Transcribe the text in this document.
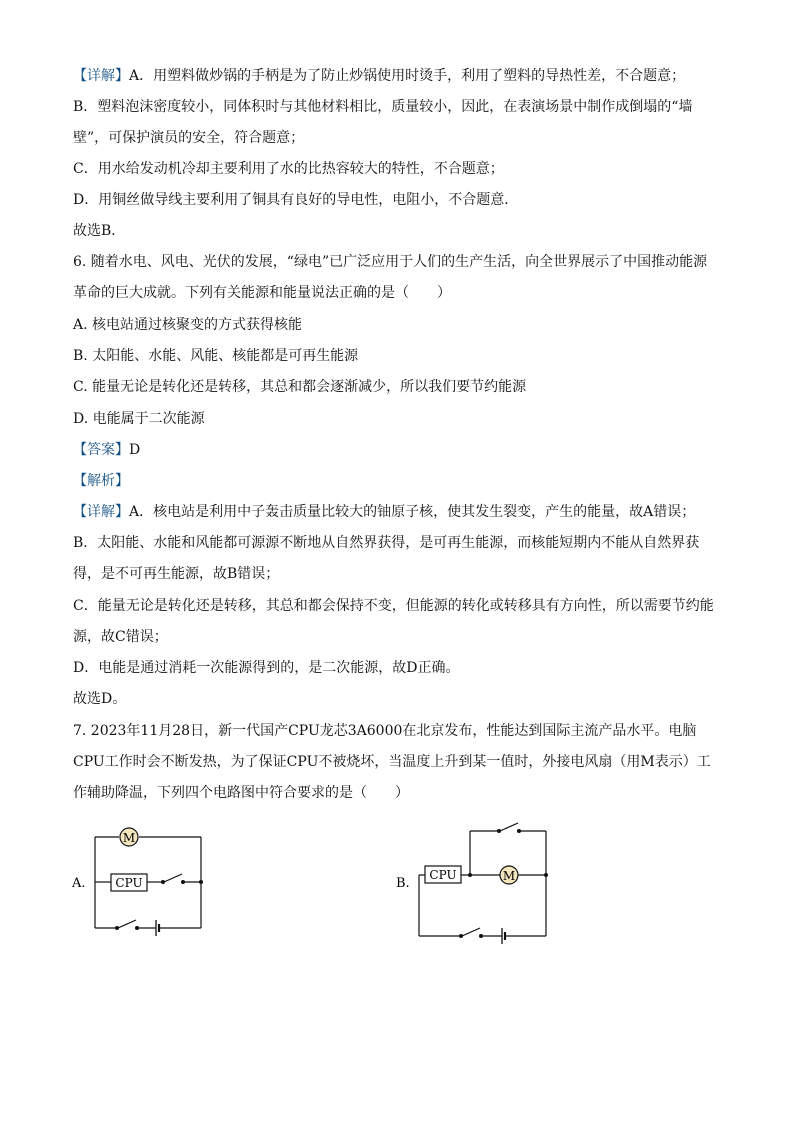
【详解】A．用塑料做炒锅的手柄是为了防止炒锅使用时烫手，利用了塑料的导热性差，不合题意；
B．塑料泡沫密度较小，同体积时与其他材料相比，质量较小，因此，在表演场景中制作成倒塌的“墙
壁”，可保护演员的安全，符合题意；
C．用水给发动机冷却主要利用了水的比热容较大的特性，不合题意；
D．用铜丝做导线主要利用了铜具有良好的导电性，电阻小，不合题意．
故选B．
6. 随着水电、风电、光伏的发展，“绿电”已广泛应用于人们的生产生活，向全世界展示了中国推动能源
革命的巨大成就。下列有关能源和能量说法正确的是（　　）
A. 核电站通过核聚变的方式获得核能
B. 太阳能、水能、风能、核能都是可再生能源
C. 能量无论是转化还是转移，其总和都会逐渐减少，所以我们要节约能源
D. 电能属于二次能源
【答案】D
【解析】
【详解】A．核电站是利用中子轰击质量比较大的铀原子核，使其发生裂变，产生的能量，故A错误；
B．太阳能、水能和风能都可源源不断地从自然界获得，是可再生能源，而核能短期内不能从自然界获
得，是不可再生能源，故B错误；
C．能量无论是转化还是转移，其总和都会保持不变，但能源的转化或转移具有方向性，所以需要节约能
源，故C错误；
D．电能是通过消耗一次能源得到的，是二次能源，故D正确。
故选D。
7. 2023年11月28日，新一代国产CPU龙芯3A6000在北京发布，性能达到国际主流产品水平。电脑
CPU工作时会不断发热，为了保证CPU不被烧坏，当温度上升到某一值时，外接电风扇（用M表示）工
作辅助降温，下列四个电路图中符合要求的是（　　）
A.
M
CPU	B.
CPU	M
